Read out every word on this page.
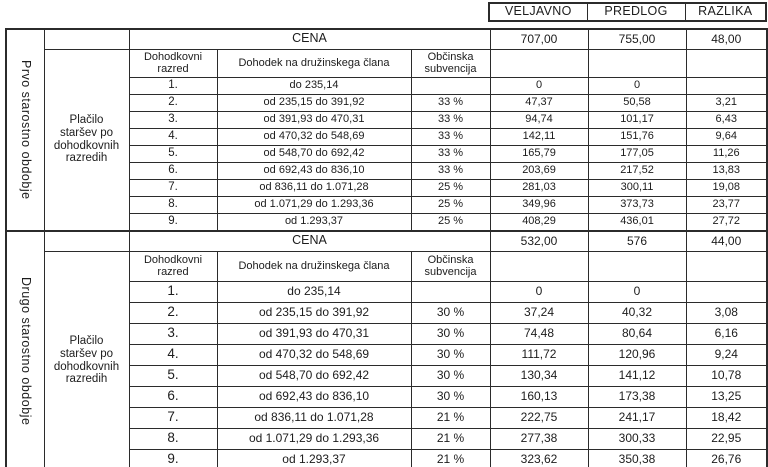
VELJAVNO	PREDLOG	RAZLIKA
Prvo starostno obdobje		CENA			707,00	755,00	48,00
	Plačilo staršev po dohodkovnih razredih	Dohodkovni razred	Dohodek na družinskega člana	Občinska subvencija			
		1.	do 235,14		0	0	
		2.	od 235,15 do 391,92	33 %	47,37	50,58	3,21
		3.	od 391,93 do 470,31	33 %	94,74	101,17	6,43
		4.	od 470,32 do 548,69	33 %	142,11	151,76	9,64
		5.	od 548,70 do 692,42	33 %	165,79	177,05	11,26
		6.	od 692,43 do 836,10	33 %	203,69	217,52	13,83
		7.	od 836,11 do 1.071,28	25 %	281,03	300,11	19,08
		8.	od 1.071,29 do 1.293,36	25 %	349,96	373,73	23,77
		9.	od 1.293,37	25 %	408,29	436,01	27,72
Drugo starostno obdobje		CENA			532,00	576	44,00
	Plačilo staršev po dohodkovnih razredih	Dohodkovni razred	Dohodek na družinskega člana	Občinska subvencija			
		1.	do 235,14		0	0	
		2.	od 235,15 do 391,92	30 %	37,24	40,32	3,08
		3.	od 391,93 do 470,31	30 %	74,48	80,64	6,16
		4.	od 470,32 do 548,69	30 %	111,72	120,96	9,24
		5.	od 548,70 do 692,42	30 %	130,34	141,12	10,78
		6.	od 692,43 do 836,10	30 %	160,13	173,38	13,25
		7.	od 836,11 do 1.071,28	21 %	222,75	241,17	18,42
		8.	od 1.071,29 do 1.293,36	21 %	277,38	300,33	22,95
		9.	od 1.293,37	21 %	323,62	350,38	26,76
